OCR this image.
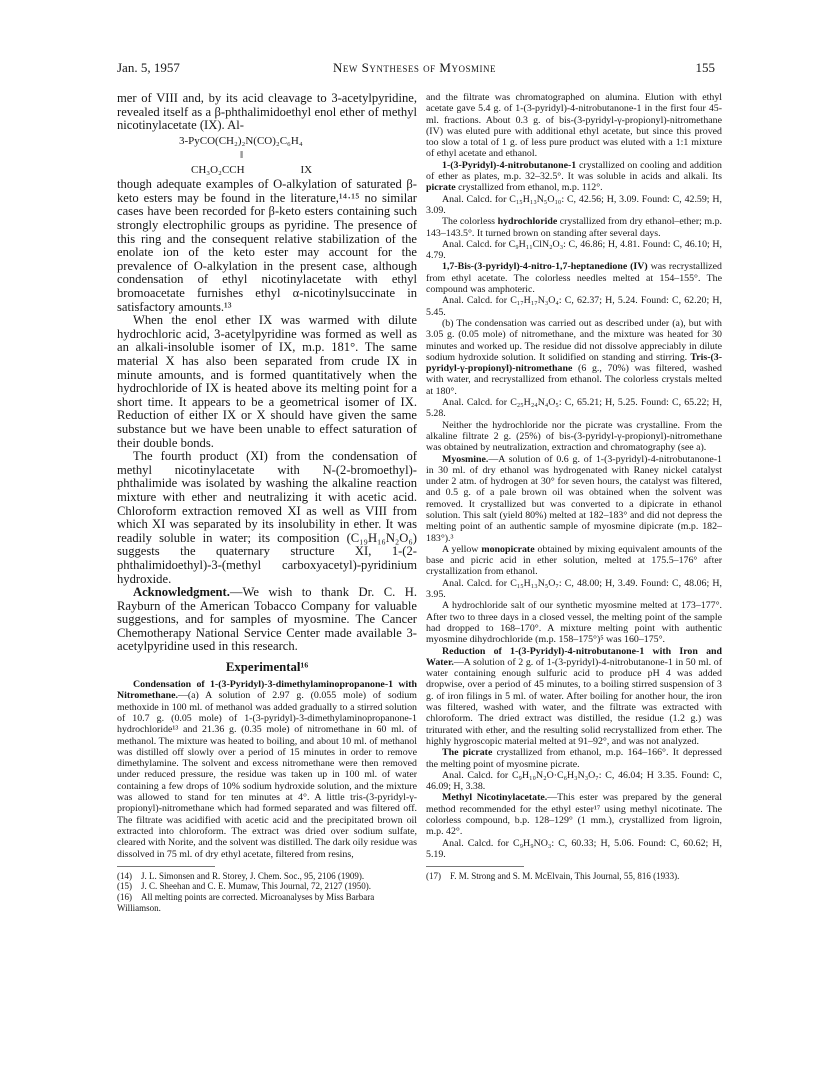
Jan. 5, 1957	New Syntheses of Myosmine	155

mer of VIII and, by its acid cleavage to 3-acetylpyridine, revealed itself as a β-phthalimidoethyl enol ether of methyl nicotinylacetate (IX). Al-

3-PyCO(CH₂)₂N(CO)₂C₆H₄
‖
CH₃O₂CCH	IX

though adequate examples of O-alkylation of saturated β-keto esters may be found in the literature,¹⁴·¹⁵ no similar cases have been recorded for β-keto esters containing such strongly electrophilic groups as pyridine. The presence of this ring and the consequent relative stabilization of the enolate ion of the keto ester may account for the prevalence of O-alkylation in the present case, although condensation of ethyl nicotinylacetate with ethyl bromoacetate furnishes ethyl α-nicotinylsuccinate in satisfactory amounts.¹³

When the enol ether IX was warmed with dilute hydrochloric acid, 3-acetylpyridine was formed as well as an alkali-insoluble isomer of IX, m.p. 181°. The same material X has also been separated from crude IX in minute amounts, and is formed quantitatively when the hydrochloride of IX is heated above its melting point for a short time. It appears to be a geometrical isomer of IX. Reduction of either IX or X should have given the same substance but we have been unable to effect saturation of their double bonds.

The fourth product (XI) from the condensation of methyl nicotinylacetate with N-(2-bromoethyl)-phthalimide was isolated by washing the alkaline reaction mixture with ether and neutralizing it with acetic acid. Chloroform extraction removed XI as well as VIII from which XI was separated by its insolubility in ether. It was readily soluble in water; its composition (C₁₉H₁₆N₂O₆) suggests the quaternary structure XI, 1-(2-phthalimidoethyl)-3-(methyl carboxyacetyl)-pyridinium hydroxide.

Acknowledgment.—We wish to thank Dr. C. H. Rayburn of the American Tobacco Company for valuable suggestions, and for samples of myosmine. The Cancer Chemotherapy National Service Center made available 3-acetylpyridine used in this research.

Experimental¹⁶

Condensation of 1-(3-Pyridyl)-3-dimethylaminopropanone-1 with Nitromethane.—(a) A solution of 2.97 g. (0.055 mole) of sodium methoxide in 100 ml. of methanol was added gradually to a stirred solution of 10.7 g. (0.05 mole) of 1-(3-pyridyl)-3-dimethylaminopropanone-1 hydrochloride¹³ and 21.36 g. (0.35 mole) of nitromethane in 60 ml. of methanol. The mixture was heated to boiling, and about 10 ml. of methanol was distilled off slowly over a period of 15 minutes in order to remove dimethylamine. The solvent and excess nitromethane were then removed under reduced pressure, the residue was taken up in 100 ml. of water containing a few drops of 10% sodium hydroxide solution, and the mixture was allowed to stand for ten minutes at 4°. A little tris-(3-pyridyl-γ-propionyl)-nitromethane which had formed separated and was filtered off. The filtrate was acidified with acetic acid and the precipitated brown oil extracted into chloroform. The extract was dried over sodium sulfate, cleared with Norite, and the solvent was distilled. The dark oily residue was dissolved in 75 ml. of dry ethyl acetate, filtered from resins,

(14) J. L. Simonsen and R. Storey, J. Chem. Soc., 95, 2106 (1909).
(15) J. C. Sheehan and C. E. Mumaw, This Journal, 72, 2127 (1950).
(16) All melting points are corrected. Microanalyses by Miss Barbara Williamson.

and the filtrate was chromatographed on alumina. Elution with ethyl acetate gave 5.4 g. of 1-(3-pyridyl)-4-nitrobutanone-1 in the first four 45-ml. fractions. About 0.3 g. of bis-(3-pyridyl-γ-propionyl)-nitromethane (IV) was eluted pure with additional ethyl acetate, but since this proved too slow a total of 1 g. of less pure product was eluted with a 1:1 mixture of ethyl acetate and ethanol.

1-(3-Pyridyl)-4-nitrobutanone-1 crystallized on cooling and addition of ether as plates, m.p. 32–32.5°. It was soluble in acids and alkali. Its picrate crystallized from ethanol, m.p. 112°.

Anal. Calcd. for C₁₅H₁₃N₅O₁₀: C, 42.56; H, 3.09. Found: C, 42.59; H, 3.09.

The colorless hydrochloride crystallized from dry ethanol–ether; m.p. 143–143.5°. It turned brown on standing after several days.

Anal. Calcd. for C₉H₁₁ClN₂O₃: C, 46.86; H, 4.81. Found: C, 46.10; H, 4.79.

1,7-Bis-(3-pyridyl)-4-nitro-1,7-heptanedione (IV) was recrystallized from ethyl acetate. The colorless needles melted at 154–155°. The compound was amphoteric.

Anal. Calcd. for C₁₇H₁₇N₃O₄: C, 62.37; H, 5.24. Found: C, 62.20; H, 5.45.

(b) The condensation was carried out as described under (a), but with 3.05 g. (0.05 mole) of nitromethane, and the mixture was heated for 30 minutes and worked up. The residue did not dissolve appreciably in dilute sodium hydroxide solution. It solidified on standing and stirring. Tris-(3-pyridyl-γ-propionyl)-nitromethane (6 g., 70%) was filtered, washed with water, and recrystallized from ethanol. The colorless crystals melted at 180°.

Anal. Calcd. for C₂₅H₂₄N₄O₅: C, 65.21; H, 5.25. Found: C, 65.22; H, 5.28.

Neither the hydrochloride nor the picrate was crystalline. From the alkaline filtrate 2 g. (25%) of bis-(3-pyridyl-γ-propionyl)-nitromethane was obtained by neutralization, extraction and chromatography (see a).

Myosmine.—A solution of 0.6 g. of 1-(3-pyridyl)-4-nitrobutanone-1 in 30 ml. of dry ethanol was hydrogenated with Raney nickel catalyst under 2 atm. of hydrogen at 30° for seven hours, the catalyst was filtered, and 0.5 g. of a pale brown oil was obtained when the solvent was removed. It crystallized but was converted to a dipicrate in ethanol solution. This salt (yield 80%) melted at 182–183° and did not depress the melting point of an authentic sample of myosmine dipicrate (m.p. 182–183°).³

A yellow monopicrate obtained by mixing equivalent amounts of the base and picric acid in ether solution, melted at 175.5–176° after crystallization from ethanol.

Anal. Calcd. for C₁₅H₁₃N₅O₇: C, 48.00; H, 3.49. Found: C, 48.06; H, 3.95.

A hydrochloride salt of our synthetic myosmine melted at 173–177°. After two to three days in a closed vessel, the melting point of the sample had dropped to 168–170°. A mixture melting point with authentic myosmine dihydrochloride (m.p. 158–175°)⁵ was 160–175°.

Reduction of 1-(3-Pyridyl)-4-nitrobutanone-1 with Iron and Water.—A solution of 2 g. of 1-(3-pyridyl)-4-nitrobutanone-1 in 50 ml. of water containing enough sulfuric acid to produce pH 4 was added dropwise, over a period of 45 minutes, to a boiling stirred suspension of 3 g. of iron filings in 5 ml. of water. After boiling for another hour, the iron was filtered, washed with water, and the filtrate was extracted with chloroform. The dried extract was distilled, the residue (1.2 g.) was triturated with ether, and the resulting solid recrystallized from ether. The highly hygroscopic material melted at 91–92°, and was not analyzed.

The picrate crystallized from ethanol, m.p. 164–166°. It depressed the melting point of myosmine picrate.

Anal. Calcd. for C₉H₁₀N₂O·C₆H₃N₃O₇: C, 46.04; H 3.35. Found: C, 46.09; H, 3.38.

Methyl Nicotinylacetate.—This ester was prepared by the general method recommended for the ethyl ester¹⁷ using methyl nicotinate. The colorless compound, b.p. 128–129° (1 mm.), crystallized from ligroin, m.p. 42°.

Anal. Calcd. for C₉H₉NO₃: C, 60.33; H, 5.06. Found: C, 60.62; H, 5.19.

(17) F. M. Strong and S. M. McElvain, This Journal, 55, 816 (1933).
